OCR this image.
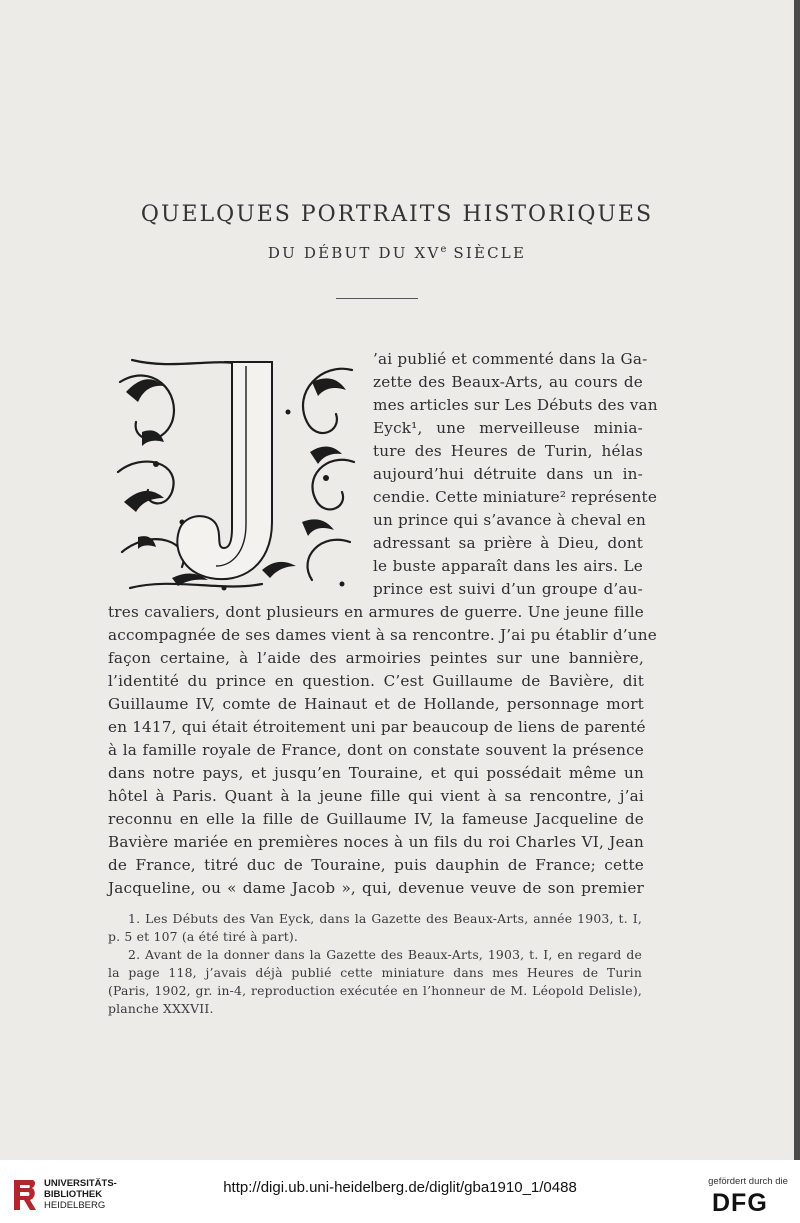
QUELQUES PORTRAITS HISTORIQUES
DU DÉBUT DU XVe SIÈCLE
’ai publié et commenté dans la Ga-
zette des Beaux-Arts, au cours de
mes articles sur Les Débuts des van
Eyck¹, une merveilleuse minia-
ture des Heures de Turin, hélas
aujourd’hui détruite dans un in-
cendie. Cette miniature² représente
un prince qui s’avance à cheval en
adressant sa prière à Dieu, dont
le buste apparaît dans les airs. Le
prince est suivi d’un groupe d’au-
tres cavaliers, dont plusieurs en armures de guerre. Une jeune fille
accompagnée de ses dames vient à sa rencontre. J’ai pu établir d’une
façon certaine, à l’aide des armoiries peintes sur une bannière,
l’identité du prince en question. C’est Guillaume de Bavière, dit
Guillaume IV, comte de Hainaut et de Hollande, personnage mort
en 1417, qui était étroitement uni par beaucoup de liens de parenté
à la famille royale de France, dont on constate souvent la présence
dans notre pays, et jusqu’en Touraine, et qui possédait même un
hôtel à Paris. Quant à la jeune fille qui vient à sa rencontre, j’ai
reconnu en elle la fille de Guillaume IV, la fameuse Jacqueline de
Bavière mariée en premières noces à un fils du roi Charles VI, Jean
de France, titré duc de Touraine, puis dauphin de France; cette
Jacqueline, ou « dame Jacob », qui, devenue veuve de son premier
1. Les Débuts des Van Eyck, dans la Gazette des Beaux-Arts, année 1903, t. I,
p. 5 et 107 (a été tiré à part).
2. Avant de la donner dans la Gazette des Beaux-Arts, 1903, t. I, en regard de
la page 118, j’avais déjà publié cette miniature dans mes Heures de Turin
(Paris, 1902, gr. in-4, reproduction exécutée en l’honneur de M. Léopold Delisle),
planche XXXVII.
UNIVERSITÄTS-
BIBLIOTHEK
HEIDELBERG
http://digi.ub.uni-heidelberg.de/diglit/gba1910_1/0488	gefördert durch die
DFG
